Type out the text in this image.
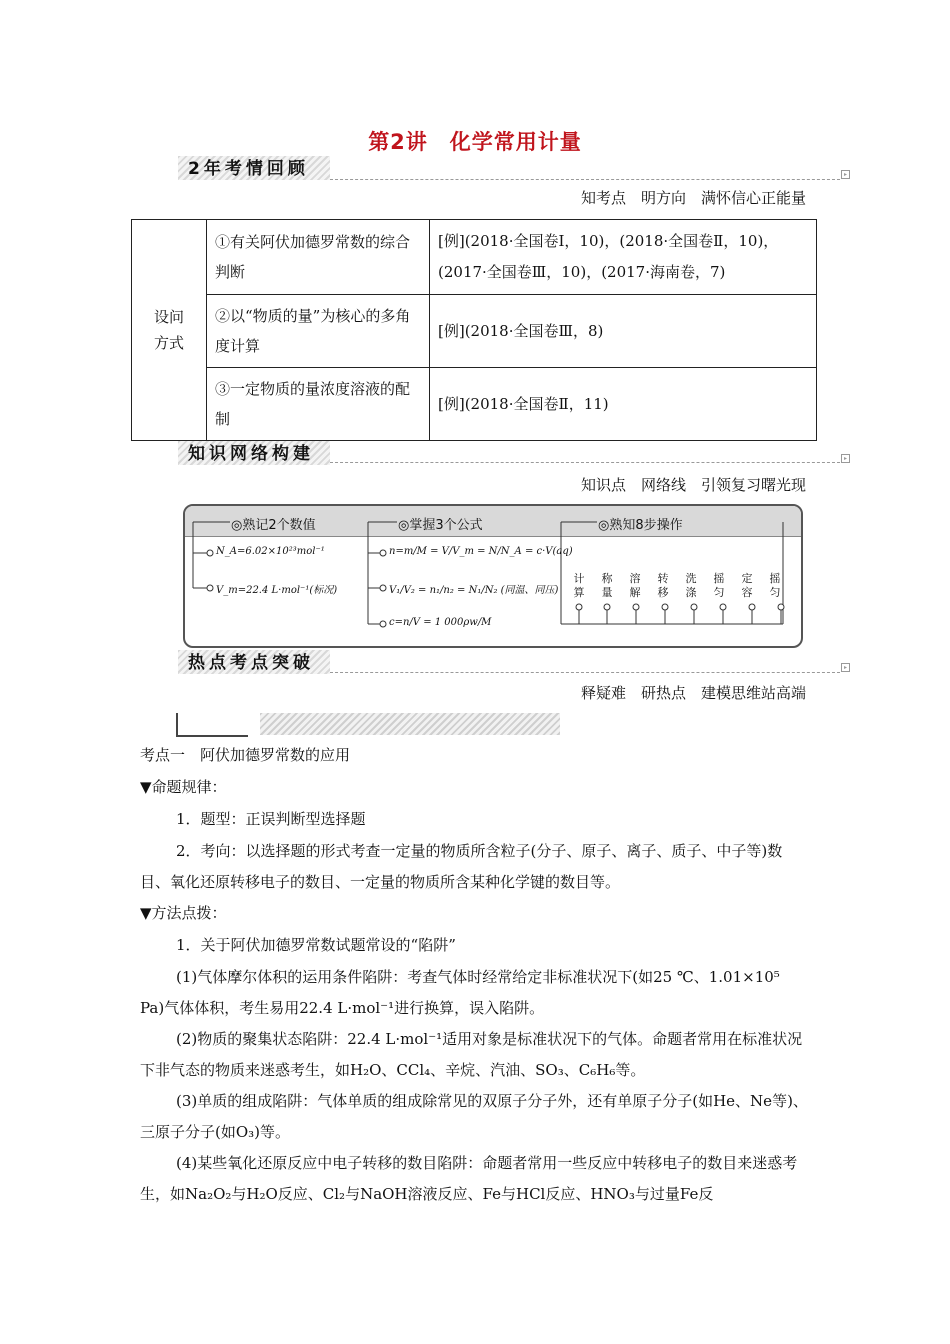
第2讲　化学常用计量
2年考情回顾	▸
知考点　明方向　满怀信心正能量
设问方式	①有关阿伏加德罗常数的综合判断	[例](2018·全国卷Ⅰ，10)，(2018·全国卷Ⅱ，10)，(2017·全国卷Ⅲ，10)，(2017·海南卷，7)
	②以“物质的量”为核心的多角度计算	[例](2018·全国卷Ⅲ，8)
	③一定物质的量浓度溶液的配制	[例](2018·全国卷Ⅱ，11)
知识网络构建	▸
知识点　网络线　引领复习曙光现
◎熟记2个数值
N_A=6.02×10²³mol⁻¹
V_m=22.4 L·mol⁻¹(标况)
◎掌握3个公式
n=m/M = V/V_m = N/N_A = c·V(aq)
V₁/V₂ = n₁/n₂ = N₁/N₂ (同温、同压)
c=n/V = 1 000ρw/M
◎熟知8步操作
计
算称
量溶
解转
移洗
涤摇
匀定
容摇
匀
热点考点突破	▸
释疑难　研热点　建模思维站高端
考点一　阿伏加德罗常数的应用
▼命题规律：
1．题型：正误判断型选择题
2．考向：以选择题的形式考查一定量的物质所含粒子(分子、原子、离子、质子、中子等)数目、氧化还原转移电子的数目、一定量的物质所含某种化学键的数目等。
▼方法点拨：
1．关于阿伏加德罗常数试题常设的“陷阱”
(1)气体摩尔体积的运用条件陷阱：考查气体时经常给定非标准状况下(如25 ℃、1.01×10⁵ Pa)气体体积，考生易用22.4 L·mol⁻¹进行换算，误入陷阱。
(2)物质的聚集状态陷阱：22.4 L·mol⁻¹适用对象是标准状况下的气体。命题者常用在标准状况下非气态的物质来迷惑考生，如H₂O、CCl₄、辛烷、汽油、SO₃、C₆H₆等。
(3)单质的组成陷阱：气体单质的组成除常见的双原子分子外，还有单原子分子(如He、Ne等)、三原子分子(如O₃)等。
(4)某些氧化还原反应中电子转移的数目陷阱：命题者常用一些反应中转移电子的数目来迷惑考生，如Na₂O₂与H₂O反应、Cl₂与NaOH溶液反应、Fe与HCl反应、HNO₃与过量Fe反
